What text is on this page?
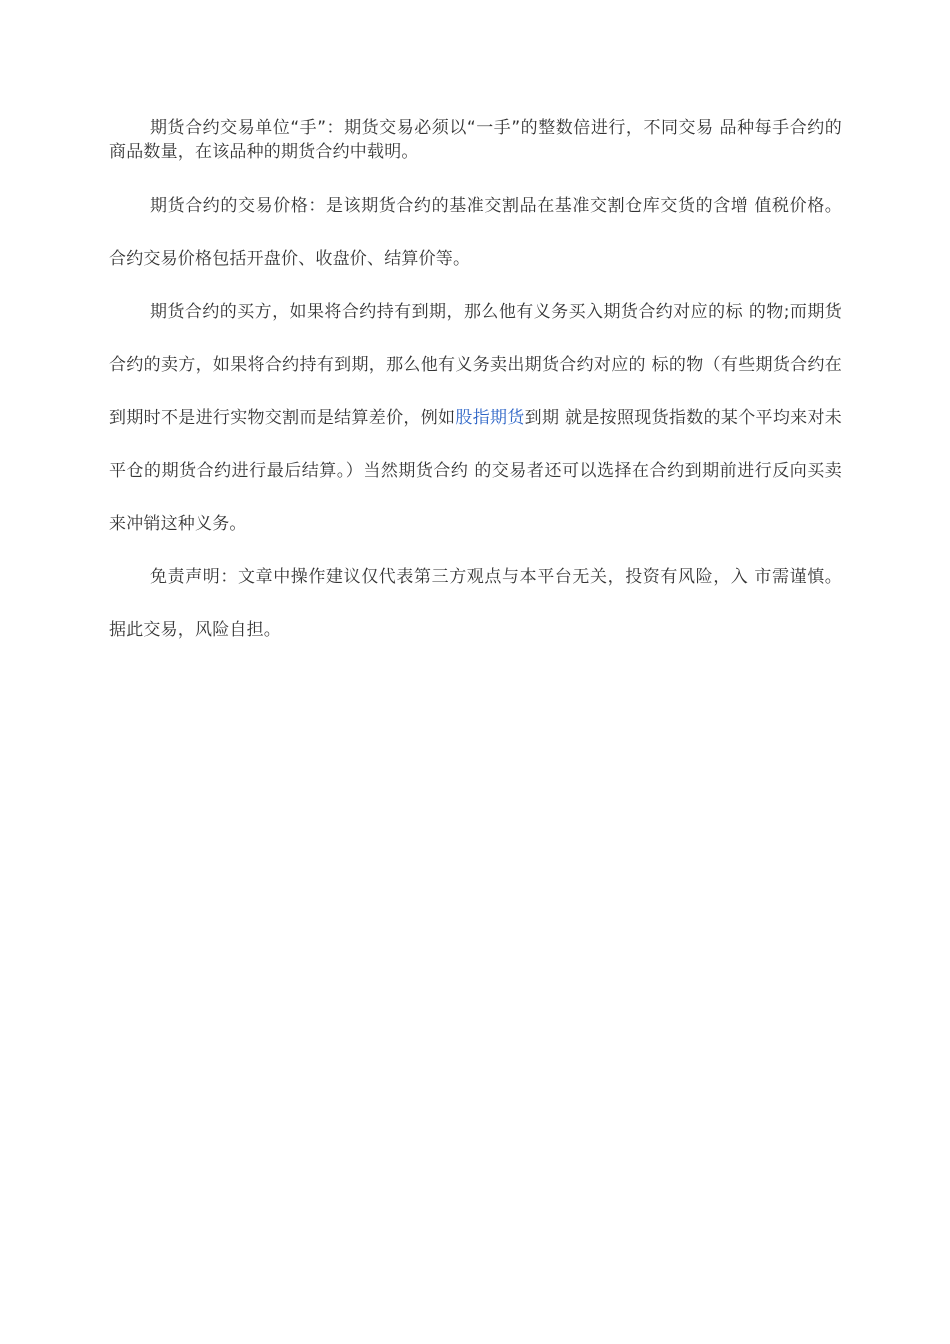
期货合约交易单位“手”：期货交易必须以“一手”的整数倍进行，不同交易 品种每手合约的商品数量，在该品种的期货合约中载明。

期货合约的交易价格：是该期货合约的基准交割品在基准交割仓库交货的含增 值税价格。合约交易价格包括开盘价、收盘价、结算价等。

期货合约的买方，如果将合约持有到期，那么他有义务买入期货合约对应的标 的物;而期货合约的卖方，如果将合约持有到期，那么他有义务卖出期货合约对应的 标的物（有些期货合约在到期时不是进行实物交割而是结算差价，例如股指期货到期 就是按照现货指数的某个平均来对未平仓的期货合约进行最后结算。）当然期货合约 的交易者还可以选择在合约到期前进行反向买卖来冲销这种义务。

免责声明：文章中操作建议仅代表第三方观点与本平台无关，投资有风险，入 市需谨慎。据此交易，风险自担。
